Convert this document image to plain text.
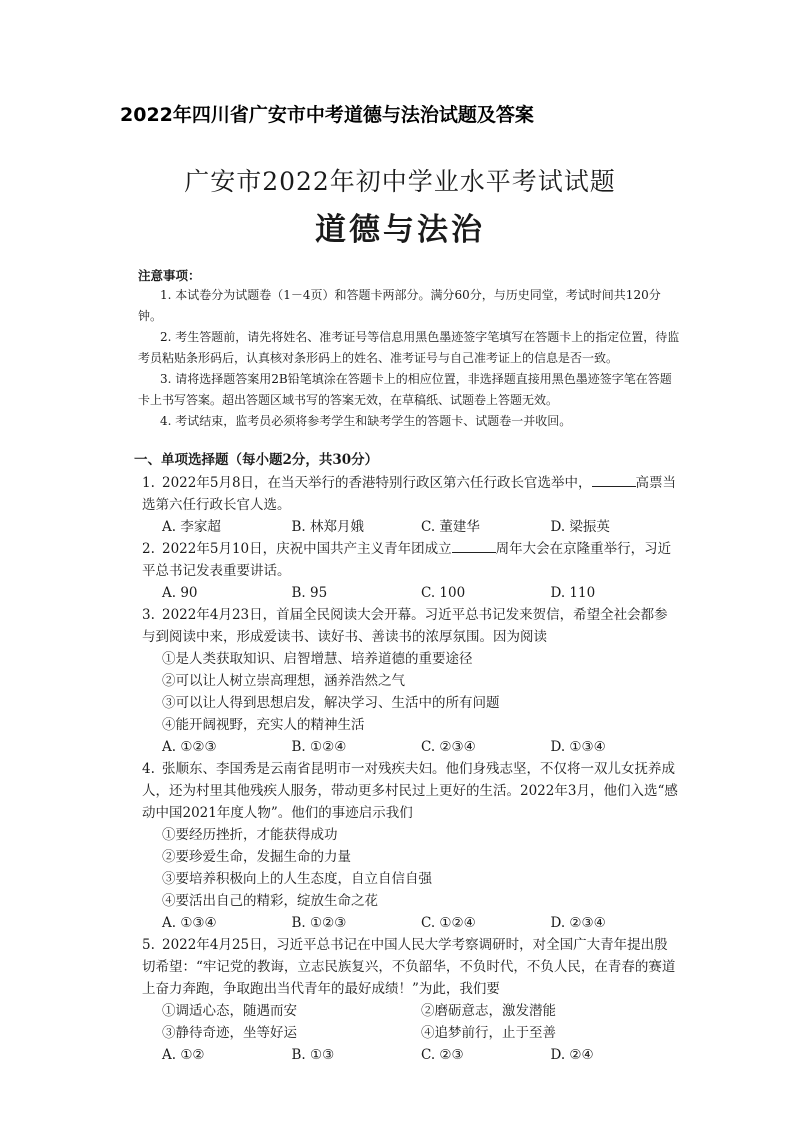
2022年四川省广安市中考道德与法治试题及答案
广安市2022年初中学业水平考试试题
道德与法治
注意事项：
1. 本试卷分为试题卷（1－4页）和答题卡两部分。满分60分，与历史同堂，考试时间共120分钟。
2. 考生答题前，请先将姓名、准考证号等信息用黑色墨迹签字笔填写在答题卡上的指定位置，待监考员粘贴条形码后，认真核对条形码上的姓名、准考证号与自己准考证上的信息是否一致。
3. 请将选择题答案用2B铅笔填涂在答题卡上的相应位置，非选择题直接用黑色墨迹签字笔在答题卡上书写答案。超出答题区域书写的答案无效，在草稿纸、试题卷上答题无效。
4. 考试结束，监考员必须将参考学生和缺考学生的答题卡、试题卷一并收回。
一、单项选择题（每小题2分，共30分）
1. 2022年5月8日，在当天举行的香港特别行政区第六任行政长官选举中，	高票当选第六任行政长官人选。
A. 李家超	B. 林郑月娥	C. 董建华	D. 梁振英
2. 2022年5月10日，庆祝中国共产主义青年团成立	周年大会在京隆重举行，习近平总书记发表重要讲话。
A. 90	B. 95	C. 100	D. 110
3. 2022年4月23日，首届全民阅读大会开幕。习近平总书记发来贺信，希望全社会都参与到阅读中来，形成爱读书、读好书、善读书的浓厚氛围。因为阅读
①是人类获取知识、启智增慧、培养道德的重要途径
②可以让人树立崇高理想，涵养浩然之气
③可以让人得到思想启发，解决学习、生活中的所有问题
④能开阔视野，充实人的精神生活
A. ①②③	B. ①②④	C. ②③④	D. ①③④
4. 张顺东、李国秀是云南省昆明市一对残疾夫妇。他们身残志坚，不仅将一双儿女抚养成人，还为村里其他残疾人服务，带动更多村民过上更好的生活。2022年3月，他们入选“感动中国2021年度人物”。他们的事迹启示我们
①要经历挫折，才能获得成功
②要珍爱生命，发掘生命的力量
③要培养积极向上的人生态度，自立自信自强
④要活出自己的精彩，绽放生命之花
A. ①③④	B. ①②③	C. ①②④	D. ②③④
5. 2022年4月25日，习近平总书记在中国人民大学考察调研时，对全国广大青年提出殷切希望：“牢记党的教诲，立志民族复兴，不负韶华，不负时代，不负人民，在青春的赛道上奋力奔跑，争取跑出当代青年的最好成绩！”为此，我们要
①调适心态，随遇而安	②磨砺意志，激发潜能
③静待奇迹，坐等好运	④追梦前行，止于至善
A. ①②	B. ①③	C. ②③	D. ②④
